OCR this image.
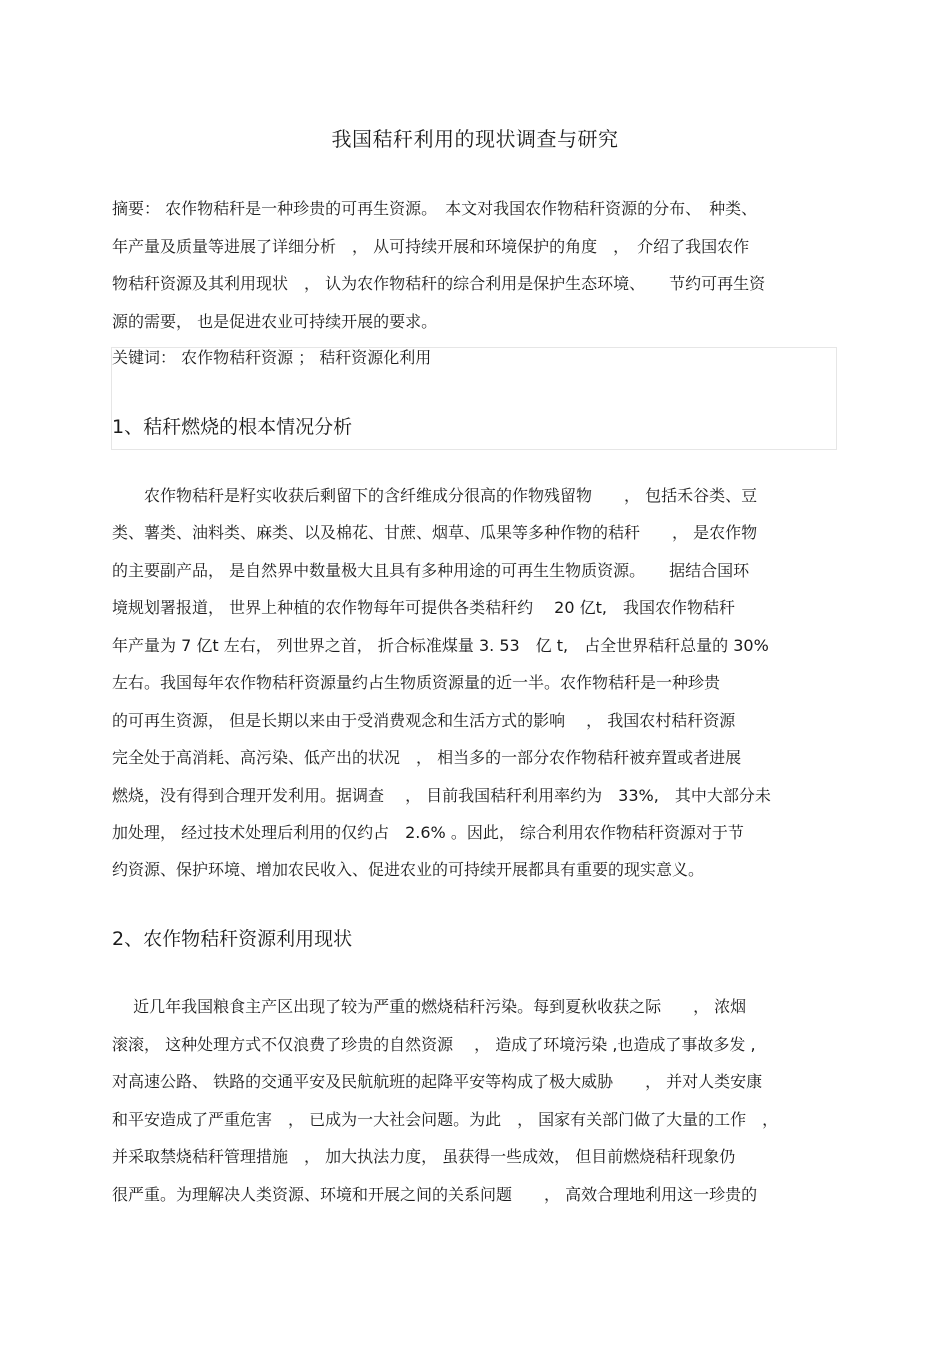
我国秸秆利用的现状调查与研究
摘要： 农作物秸秆是一种珍贵的可再生资源。　本文对我国农作物秸秆资源的分布、　种类、
年产量及质量等进展了详细分析　， 从可持续开展和环境保护的角度　，　介绍了我国农作
物秸秆资源及其利用现状　， 认为农作物秸秆的综合利用是保护生态环境、　　节约可再生资
源的需要， 也是促进农业可持续开展的要求。
关键词： 农作物秸秆资源 ； 秸秆资源化利用
1、秸秆燃烧的根本情况分析
　　农作物秸秆是籽实收获后剩留下的含纤维成分很高的作物残留物　　， 包括禾谷类、豆
类、薯类、油料类、麻类、以及棉花、甘蔗、烟草、瓜果等多种作物的秸秆　　， 是农作物
的主要副产品， 是自然界中数量极大且具有多种用途的可再生生物质资源。　　据结合国环
境规划署报道， 世界上种植的农作物每年可提供各类秸秆约　 20 亿t,　我国农作物秸秆
年产量为 7 亿t 左右， 列世界之首， 折合标准煤量 3. 53　亿 t,　占全世界秸秆总量的 30%
左右。我国每年农作物秸秆资源量约占生物质资源量的近一半。农作物秸秆是一种珍贵
的可再生资源， 但是长期以来由于受消费观念和生活方式的影响　 ， 我国农村秸秆资源
完全处于高消耗、高污染、低产出的状况　， 相当多的一部分农作物秸秆被弃置或者进展
燃烧，没有得到合理开发利用。据调查　 ， 目前我国秸秆利用率约为　33%,　其中大部分未
加处理， 经过技术处理后利用的仅约占　2.6% 。因此， 综合利用农作物秸秆资源对于节
约资源、保护环境、增加农民收入、促进农业的可持续开展都具有重要的现实意义。
2、农作物秸秆资源利用现状
　 近几年我国粮食主产区出现了较为严重的燃烧秸秆污染。每到夏秋收获之际　　， 浓烟
滚滚， 这种处理方式不仅浪费了珍贵的自然资源　 ， 造成了环境污染 ,也造成了事故多发 ,
对高速公路、 铁路的交通平安及民航航班的起降平安等构成了极大威胁　　， 并对人类安康
和平安造成了严重危害　， 已成为一大社会问题。为此　， 国家有关部门做了大量的工作　，
并采取禁烧秸秆管理措施　， 加大执法力度， 虽获得一些成效， 但目前燃烧秸秆现象仍
很严重。为理解决人类资源、环境和开展之间的关系问题　　， 高效合理地利用这一珍贵的
